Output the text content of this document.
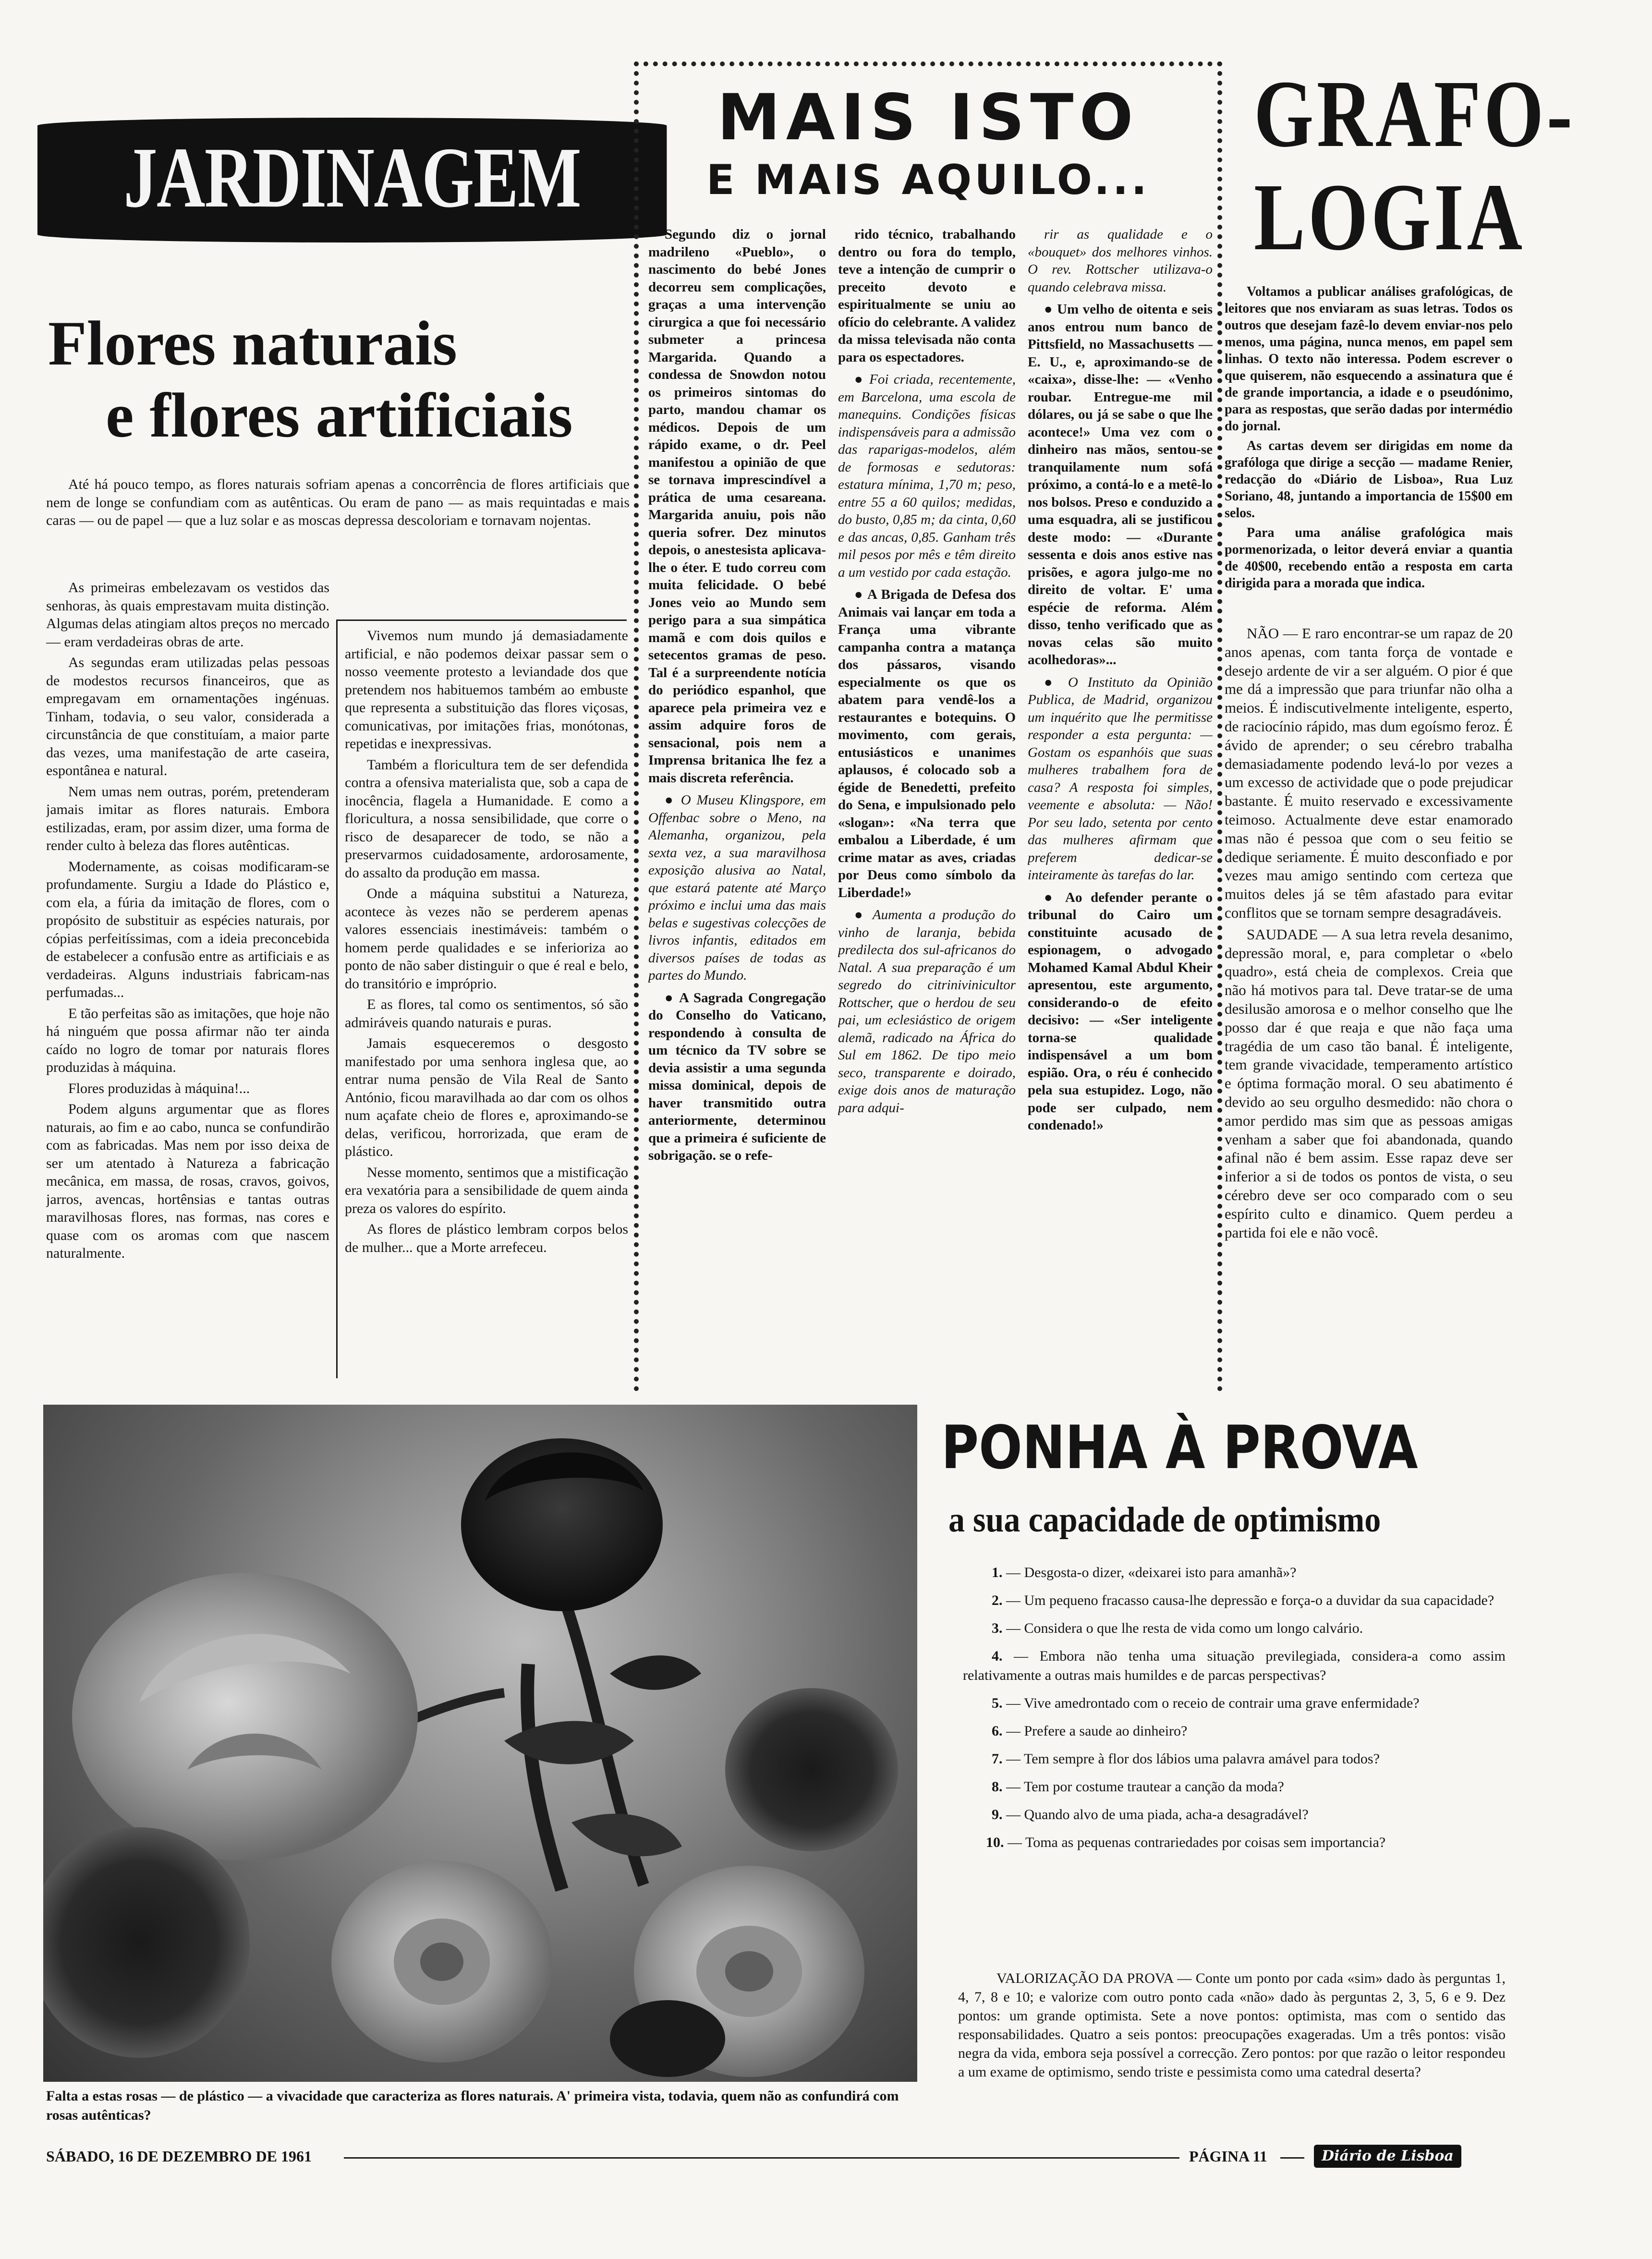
JARDINAGEM
Flores naturais
e flores artificiais

Até há pouco tempo, as flores naturais sofriam apenas a concorrência de flores artificiais que nem de longe se confundiam com as autênticas. Ou eram de pano — as mais requintadas e mais caras — ou de papel — que a luz solar e as moscas depressa descoloriam e tornavam nojentas.

As primeiras embelezavam os vestidos das senhoras, às quais emprestavam muita distinção. Algumas delas atingiam altos preços no mercado — eram verdadeiras obras de arte.

As segundas eram utilizadas pelas pessoas de modestos recursos financeiros, que as empregavam em ornamentações ingénuas. Tinham, todavia, o seu valor, considerada a circunstância de que constituíam, a maior parte das vezes, uma manifestação de arte caseira, espontânea e natural.

Nem umas nem outras, porém, pretenderam jamais imitar as flores naturais. Embora estilizadas, eram, por assim dizer, uma forma de render culto à beleza das flores autênticas.

Modernamente, as coisas modificaram-se profundamente. Surgiu a Idade do Plástico e, com ela, a fúria da imitação de flores, com o propósito de substituir as espécies naturais, por cópias perfeitíssimas, com a ideia preconcebida de estabelecer a confusão entre as artificiais e as verdadeiras. Alguns industriais fabricam-nas perfumadas...

E tão perfeitas são as imitações, que hoje não há ninguém que possa afirmar não ter ainda caído no logro de tomar por naturais flores produzidas à máquina.

Flores produzidas à máquina!...

Podem alguns argumentar que as flores naturais, ao fim e ao cabo, nunca se confundirão com as fabricadas. Mas nem por isso deixa de ser um atentado à Natureza a fabricação mecânica, em massa, de rosas, cravos, goivos, jarros, avencas, hortênsias e tantas outras maravilhosas flores, nas formas, nas cores e quase com os aromas com que nascem naturalmente.

Vivemos num mundo já demasiadamente artificial, e não podemos deixar passar sem o nosso veemente protesto a leviandade dos que pretendem nos habituemos também ao embuste que representa a substituição das flores viçosas, comunicativas, por imitações frias, monótonas, repetidas e inexpressivas.

Também a floricultura tem de ser defendida contra a ofensiva materialista que, sob a capa de inocência, flagela a Humanidade. E como a floricultura, a nossa sensibilidade, que corre o risco de desaparecer de todo, se não a preservarmos cuidadosamente, ardorosamente, do assalto da produção em massa.

Onde a máquina substitui a Natureza, acontece às vezes não se perderem apenas valores essenciais inestimáveis: também o homem perde qualidades e se inferioriza ao ponto de não saber distinguir o que é real e belo, do transitório e impróprio.

E as flores, tal como os sentimentos, só são admiráveis quando naturais e puras.

Jamais esqueceremos o desgosto manifestado por uma senhora inglesa que, ao entrar numa pensão de Vila Real de Santo António, ficou maravilhada ao dar com os olhos num açafate cheio de flores e, aproximando-se delas, verificou, horrorizada, que eram de plástico.

Nesse momento, sentimos que a mistificação era vexatória para a sensibilidade de quem ainda preza os valores do espírito.

As flores de plástico lembram corpos belos de mulher... que a Morte arrefeceu.

MAIS ISTO
E MAIS AQUILO...
Segundo diz o jornal madrileno «Pueblo», o nascimento do bebé Jones decorreu sem complicações, graças a uma intervenção cirurgica a que foi necessário submeter a princesa Margarida. Quando a condessa de Snowdon notou os primeiros sintomas do parto, mandou chamar os médicos. Depois de um rápido exame, o dr. Peel manifestou a opinião de que se tornava imprescindível a prática de uma cesareana. Margarida anuiu, pois não queria sofrer. Dez minutos depois, o anestesista aplicava-lhe o éter. E tudo correu com muita felicidade. O bebé Jones veio ao Mundo sem perigo para a sua simpática mamã e com dois quilos e setecentos gramas de peso. Tal é a surpreendente notícia do periódico espanhol, que aparece pela primeira vez e assim adquire foros de sensacional, pois nem a Imprensa britanica lhe fez a mais discreta referência.
● O Museu Klingspore, em Offenbac sobre o Meno, na Alemanha, organizou, pela sexta vez, a sua maravilhosa exposição alusiva ao Natal, que estará patente até Março próximo e inclui uma das mais belas e sugestivas colecções de livros infantis, editados em diversos países de todas as partes do Mundo.
● A Sagrada Congregação do Conselho do Vaticano, respondendo à consulta de um técnico da TV sobre se devia assistir a uma segunda missa dominical, depois de haver transmitido outra anteriormente, determinou que a primeira é suficiente de sobrigação. se o refe-
rido técnico, trabalhando dentro ou fora do templo, teve a intenção de cumprir o preceito devoto e espiritualmente se uniu ao ofício do celebrante. A validez da missa televisada não conta para os espectadores.
● Foi criada, recentemente, em Barcelona, uma escola de manequins. Condições físicas indispensáveis para a admissão das raparigas-modelos, além de formosas e sedutoras: estatura mínima, 1,70 m; peso, entre 55 a 60 quilos; medidas, do busto, 0,85 m; da cinta, 0,60 e das ancas, 0,85. Ganham três mil pesos por mês e têm direito a um vestido por cada estação.
● A Brigada de Defesa dos Animais vai lançar em toda a França uma vibrante campanha contra a matança dos pássaros, visando especialmente os que os abatem para vendê-los a restaurantes e botequins. O movimento, com gerais, entusiásticos e unanimes aplausos, é colocado sob a égide de Benedetti, prefeito do Sena, e impulsionado pelo «slogan»: «Na terra que embalou a Liberdade, é um crime matar as aves, criadas por Deus como símbolo da Liberdade!»
● Aumenta a produção do vinho de laranja, bebida predilecta dos sul-africanos do Natal. A sua preparação é um segredo do citrinivinicultor Rottscher, que o herdou de seu pai, um eclesiástico de origem alemã, radicado na África do Sul em 1862. De tipo meio seco, transparente e doirado, exige dois anos de maturação para adqui-
rir as qualidade e o «bouquet» dos melhores vinhos. O rev. Rottscher utilizava-o quando celebrava missa.
● Um velho de oitenta e seis anos entrou num banco de Pittsfield, no Massachusetts — E. U., e, aproximando-se de «caixa», disse-lhe: — «Venho roubar. Entregue-me mil dólares, ou já se sabe o que lhe acontece!» Uma vez com o dinheiro nas mãos, sentou-se tranquilamente num sofá próximo, a contá-lo e a metê-lo nos bolsos. Preso e conduzido a uma esquadra, ali se justificou deste modo: — «Durante sessenta e dois anos estive nas prisões, e agora julgo-me no direito de voltar. E' uma espécie de reforma. Além disso, tenho verificado que as novas celas são muito acolhedoras»...
● O Instituto da Opinião Publica, de Madrid, organizou um inquérito que lhe permitisse responder a esta pergunta: — Gostam os espanhóis que suas mulheres trabalhem fora de casa? A resposta foi simples, veemente e absoluta: — Não! Por seu lado, setenta por cento das mulheres afirmam que preferem dedicar-se inteiramente às tarefas do lar.
● Ao defender perante o tribunal do Cairo um constituinte acusado de espionagem, o advogado Mohamed Kamal Abdul Kheir apresentou, este argumento, considerando-o de efeito decisivo: — «Ser inteligente torna-se qualidade indispensável a um bom espião. Ora, o réu é conhecido pela sua estupidez. Logo, não pode ser culpado, nem condenado!»
GRAFO-
LOGIA

Voltamos a publicar análises grafológicas, de leitores que nos enviaram as suas letras. Todos os outros que desejam fazê-lo devem enviar-nos pelo menos, uma página, nunca menos, em papel sem linhas. O texto não interessa. Podem escrever o que quiserem, não esquecendo a assinatura que é de grande importancia, a idade e o pseudónimo, para as respostas, que serão dadas por intermédio do jornal.

As cartas devem ser dirigidas em nome da grafóloga que dirige a secção — madame Renier, redacção do «Diário de Lisboa», Rua Luz Soriano, 48, juntando a importancia de 15$00 em selos.

Para uma análise grafológica mais pormenorizada, o leitor deverá enviar a quantia de 40$00, recebendo então a resposta em carta dirigida para a morada que indica.

NÃO — E raro encontrar-se um rapaz de 20 anos apenas, com tanta força de vontade e desejo ardente de vir a ser alguém. O pior é que me dá a impressão que para triunfar não olha a meios. É indiscutivelmente inteligente, esperto, de raciocínio rápido, mas dum egoísmo feroz. É ávido de aprender; o seu cérebro trabalha demasiadamente podendo levá-lo por vezes a um excesso de actividade que o pode prejudicar bastante. É muito reservado e excessivamente teimoso. Actualmente deve estar enamorado mas não é pessoa que com o seu feitio se dedique seriamente. É muito desconfiado e por vezes mau amigo sentindo com certeza que muitos deles já se têm afastado para evitar conflitos que se tornam sempre desagradáveis.

SAUDADE — A sua letra revela desanimo, depressão moral, e, para completar o «belo quadro», está cheia de complexos. Creia que não há motivos para tal. Deve tratar-se de uma desilusão amorosa e o melhor conselho que lhe posso dar é que reaja e que não faça uma tragédia de um caso tão banal. É inteligente, tem grande vivacidade, temperamento artístico e óptima formação moral. O seu abatimento é devido ao seu orgulho desmedido: não chora o amor perdido mas sim que as pessoas amigas venham a saber que foi abandonada, quando afinal não é bem assim. Esse rapaz deve ser inferior a si de todos os pontos de vista, o seu cérebro deve ser oco comparado com o seu espírito culto e dinamico. Quem perdeu a partida foi ele e não você.

Falta a estas rosas — de plástico — a vivacidade que caracteriza as flores naturais. A' primeira vista, todavia, quem não as confundirá com rosas autênticas?
PONHA À PROVA
a sua capacidade de optimismo

1. — Desgosta-o dizer, «deixarei isto para amanhã»?

2. — Um pequeno fracasso causa-lhe depressão e força-o a duvidar da sua capacidade?

3. — Considera o que lhe resta de vida como um longo calvário.

4. — Embora não tenha uma situação previlegiada, considera-a como assim relativamente a outras mais humildes e de parcas perspectivas?

5. — Vive amedrontado com o receio de contrair uma grave enfermidade?

6. — Prefere a saude ao dinheiro?

7. — Tem sempre à flor dos lábios uma palavra amável para todos?

8. — Tem por costume trautear a canção da moda?

9. — Quando alvo de uma piada, acha-a desagradável?

10. — Toma as pequenas contrariedades por coisas sem importancia?

VALORIZAÇÃO DA PROVA — Conte um ponto por cada «sim» dado às perguntas 1, 4, 7, 8 e 10; e valorize com outro ponto cada «não» dado às perguntas 2, 3, 5, 6 e 9. Dez pontos: um grande optimista. Sete a nove pontos: optimista, mas com o sentido das responsabilidades. Quatro a seis pontos: preocupações exageradas. Um a três pontos: visão negra da vida, embora seja possível a correcção. Zero pontos: por que razão o leitor respondeu a um exame de optimismo, sendo triste e pessimista como uma catedral deserta?
SÁBADO, 16 DE DEZEMBRO DE 1961	PÁGINA 11	Diário de Lisboa
